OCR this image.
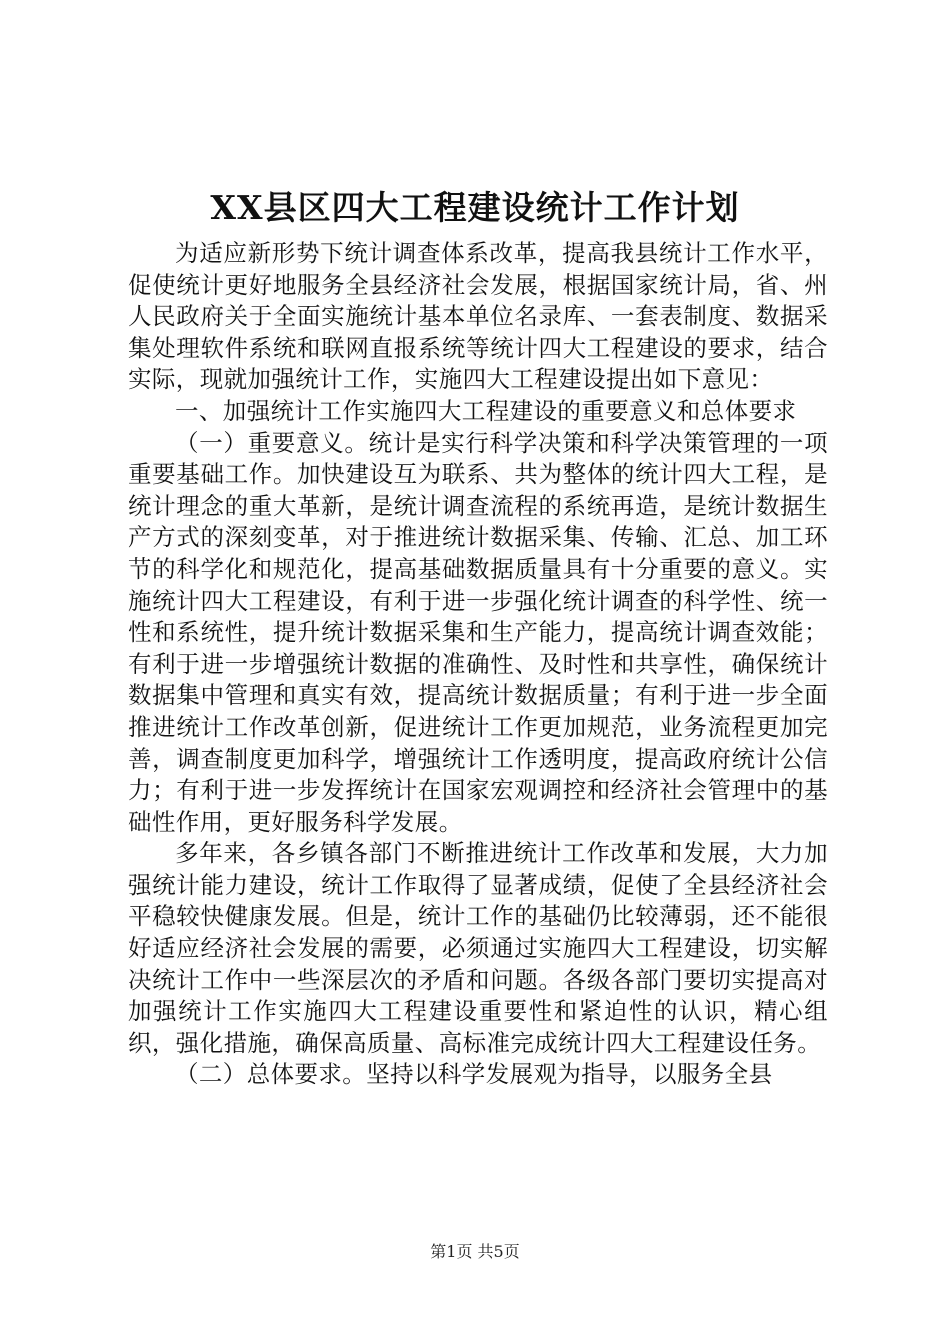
XX县区四大工程建设统计工作计划

为适应新形势下统计调查体系改革，提高我县统计工作水平，促使统计更好地服务全县经济社会发展，根据国家统计局，省、州人民政府关于全面实施统计基本单位名录库、一套表制度、数据采集处理软件系统和联网直报系统等统计四大工程建设的要求，结合实际，现就加强统计工作，实施四大工程建设提出如下意见：

一、加强统计工作实施四大工程建设的重要意义和总体要求

（一）重要意义。统计是实行科学决策和科学决策管理的一项重要基础工作。加快建设互为联系、共为整体的统计四大工程，是统计理念的重大革新，是统计调查流程的系统再造，是统计数据生产方式的深刻变革，对于推进统计数据采集、传输、汇总、加工环节的科学化和规范化，提高基础数据质量具有十分重要的意义。实施统计四大工程建设，有利于进一步强化统计调查的科学性、统一性和系统性，提升统计数据采集和生产能力，提高统计调查效能；有利于进一步增强统计数据的准确性、及时性和共享性，确保统计数据集中管理和真实有效，提高统计数据质量；有利于进一步全面推进统计工作改革创新，促进统计工作更加规范，业务流程更加完善，调查制度更加科学，增强统计工作透明度，提高政府统计公信力；有利于进一步发挥统计在国家宏观调控和经济社会管理中的基础性作用，更好服务科学发展。

多年来，各乡镇各部门不断推进统计工作改革和发展，大力加强统计能力建设，统计工作取得了显著成绩，促使了全县经济社会平稳较快健康发展。但是，统计工作的基础仍比较薄弱，还不能很好适应经济社会发展的需要，必须通过实施四大工程建设，切实解决统计工作中一些深层次的矛盾和问题。各级各部门要切实提高对加强统计工作实施四大工程建设重要性和紧迫性的认识，精心组织，强化措施，确保高质量、高标准完成统计四大工程建设任务。

（二）总体要求。坚持以科学发展观为指导，以服务全县

第1页 共5页
